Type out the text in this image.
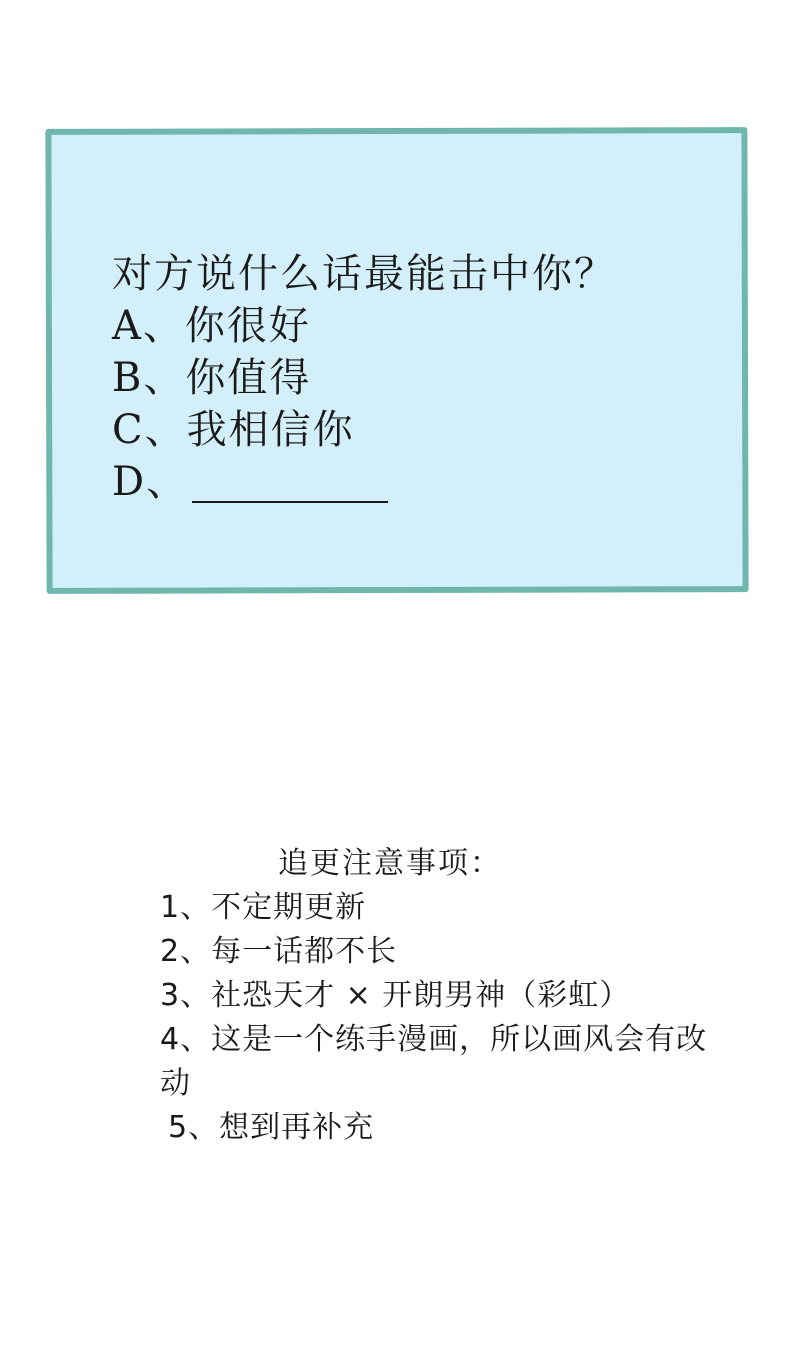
对方说什么话最能击中你？
A、你很好
B、你值得
C、我相信你
D、
追更注意事项：
1、不定期更新
2、每一话都不长
3、社恐天才 × 开朗男神（彩虹）
4、这是一个练手漫画，所以画风会有改动
5、想到再补充
